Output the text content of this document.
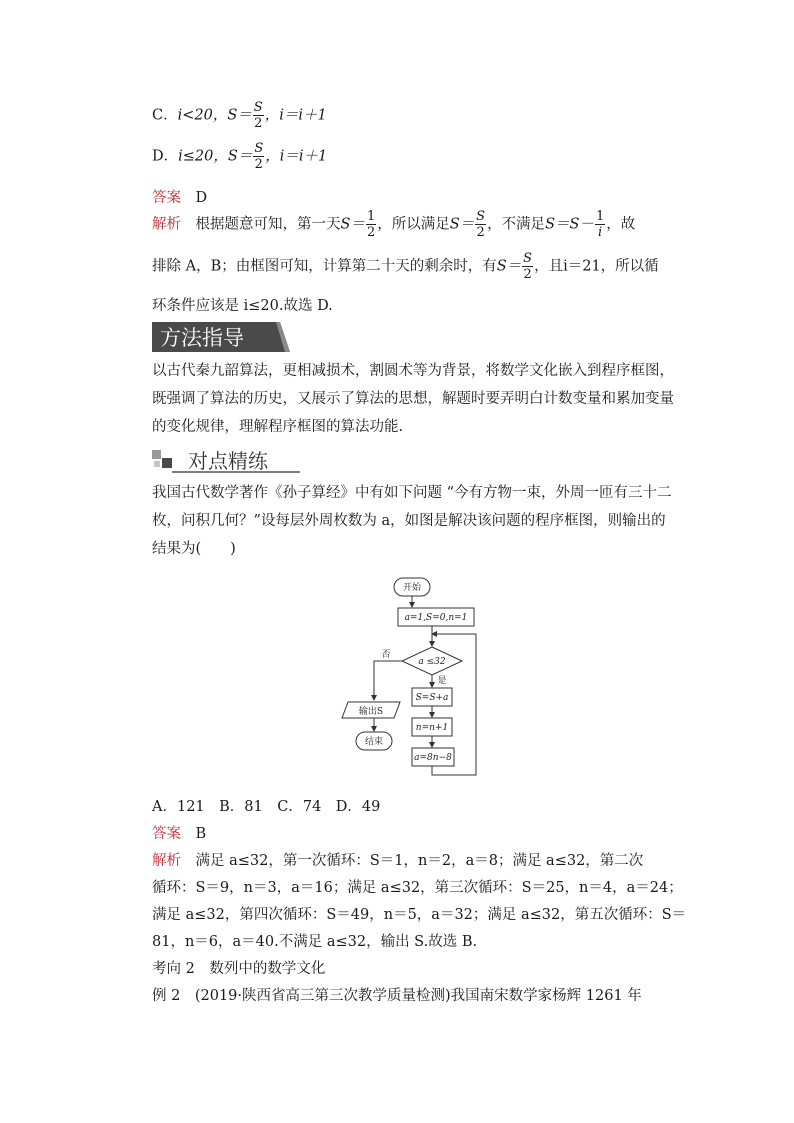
C．i<20，$S= \frac{S}{2}$ ，i＝i＋1
D．i≤20，$S= \frac{S}{2}$ ，i＝i＋1
答案　 D
解析　 根据题意可知，第一天$S= \frac{1}{2}$ ，所以满足$S= \frac{S}{2}$ ，不满足$S=S- \frac{1}{i}$ ，故
排除 A，B；由框图可知，计算第二十天的剩余时，有$S= \frac{S}{2}$ ，且i＝21，所以循
环条件应该是 i≤20.故选 D.
方法指导
以古代秦九韶算法，更相减损术，割圆术等为背景，将数学文化嵌入到程序框图，既强调了算法的历史，又展示了算法的思想，解题时要弄明白计数变量和累加变量的变化规律，理解程序框图的算法功能.
对点精练
我国古代数学著作《孙子算经》中有如下问题 “今有方物一束，外周一匝有三十二枚，问积几何？”设每层外周枚数为 a，如图是解决该问题的程序框图，则输出的结果为(　　)
开始
a=1,S=0,n=1
a ≤32
否
是
S=S+a
n=n+1
a=8n−8
输出S
结束
A．121　B．81　C．74　D．49
答案　 B
解析　 满足 a≤32，第一次循环：S＝1，n＝2，a＝8；满足 a≤32，第二次
循环：S＝9，n＝3，a＝16；满足 a≤32，第三次循环：S＝25，n＝4，a＝24；
满足 a≤32，第四次循环：S＝49，n＝5，a＝32；满足 a≤32，第五次循环：S＝
81，n＝6，a＝40.不满足 a≤32，输出 S.故选 B.
考向 2　数列中的数学文化
例 2　(2019·陕西省高三第三次教学质量检测)我国南宋数学家杨辉 1261 年
